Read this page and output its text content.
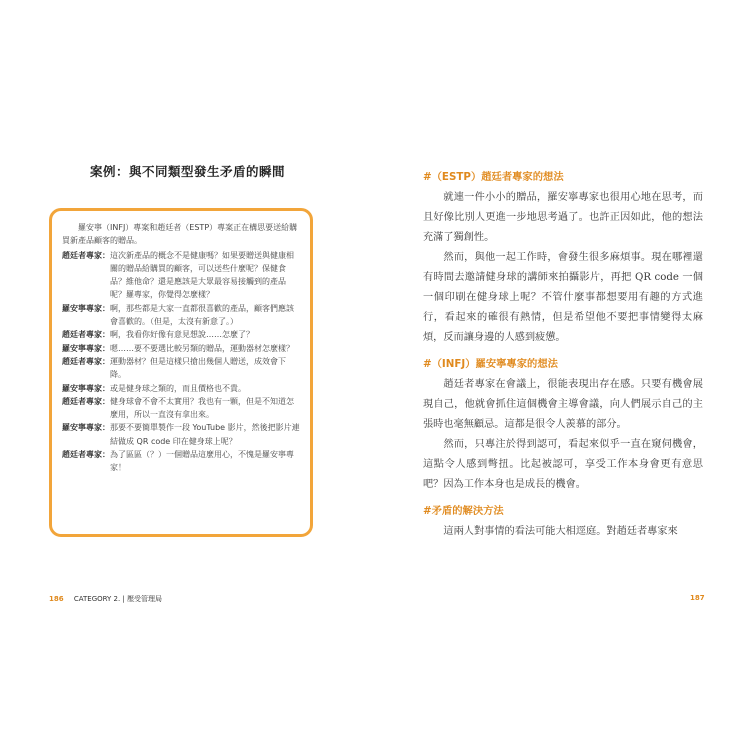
案例：與不同類型發生矛盾的瞬間
羅安寧（INFJ）專案和趙廷者（ESTP）專案正在構思要送給購買新產品顧客的贈品。
趙廷者專家 ： 這次新產品的概念不是健康嗎？如果要贈送與健康相關的贈品給購買的顧客，可以送些什麼呢？保健食品？維他命？還是應該是大眾最容易接觸到的產品呢？羅專家，你覺得怎麼樣？
羅安寧專家 ： 啊，那些都是大家一直都很喜歡的產品，顧客們應該會喜歡的。（但是，太沒有新意了。）
趙廷者專家 ： 啊，我看你好像有意見想說……怎麼了？
羅安寧專家 ： 嗯……要不要選比較另類的贈品，運動器材怎麼樣？
趙廷者專家 ： 運動器材？但是這樣只搶出幾個人贈送，成效會下降。
羅安寧專家 ： 或是健身球之類的，而且價格也不貴。
趙廷者專家 ： 健身球會不會不太實用？我也有一顆，但是不知道怎麼用，所以一直沒有拿出來。
羅安寧專家 ： 那要不要簡單製作一段 YouTube 影片，然後把影片連結做成 QR code 印在健身球上呢？
趙廷者專家 ： 為了區區（？）一個贈品這麼用心，不愧是羅安寧專家！
186 CATEGORY 2. | 壓受管理局
#（ESTP）趙廷者專家的想法

就連一件小小的贈品，羅安寧專家也很用心地在思考，而且好像比別人更進一步地思考過了。也許正因如此，他的想法充滿了獨創性。

然而，與他一起工作時，會發生很多麻煩事。現在哪裡還有時間去邀請健身球的講師來拍攝影片，再把 QR code 一個一個印刷在健身球上呢？不管什麼事都想要用有趣的方式進行，看起來的確很有熱情，但是希望他不要把事情變得太麻煩，反而讓身邊的人感到疲憊。

#（INFJ）羅安寧專家的想法

趙廷者專家在會議上，很能表現出存在感。只要有機會展現自己，他就會抓住這個機會主導會議，向人們展示自己的主張時也毫無顧忌。這都是很令人羨慕的部分。

然而，只專注於得到認可，看起來似乎一直在窺伺機會，這點令人感到彆扭。比起被認可，享受工作本身會更有意思吧？因為工作本身也是成長的機會。

#矛盾的解決方法

這兩人對事情的看法可能大相逕庭。對趙廷者專家來

187
